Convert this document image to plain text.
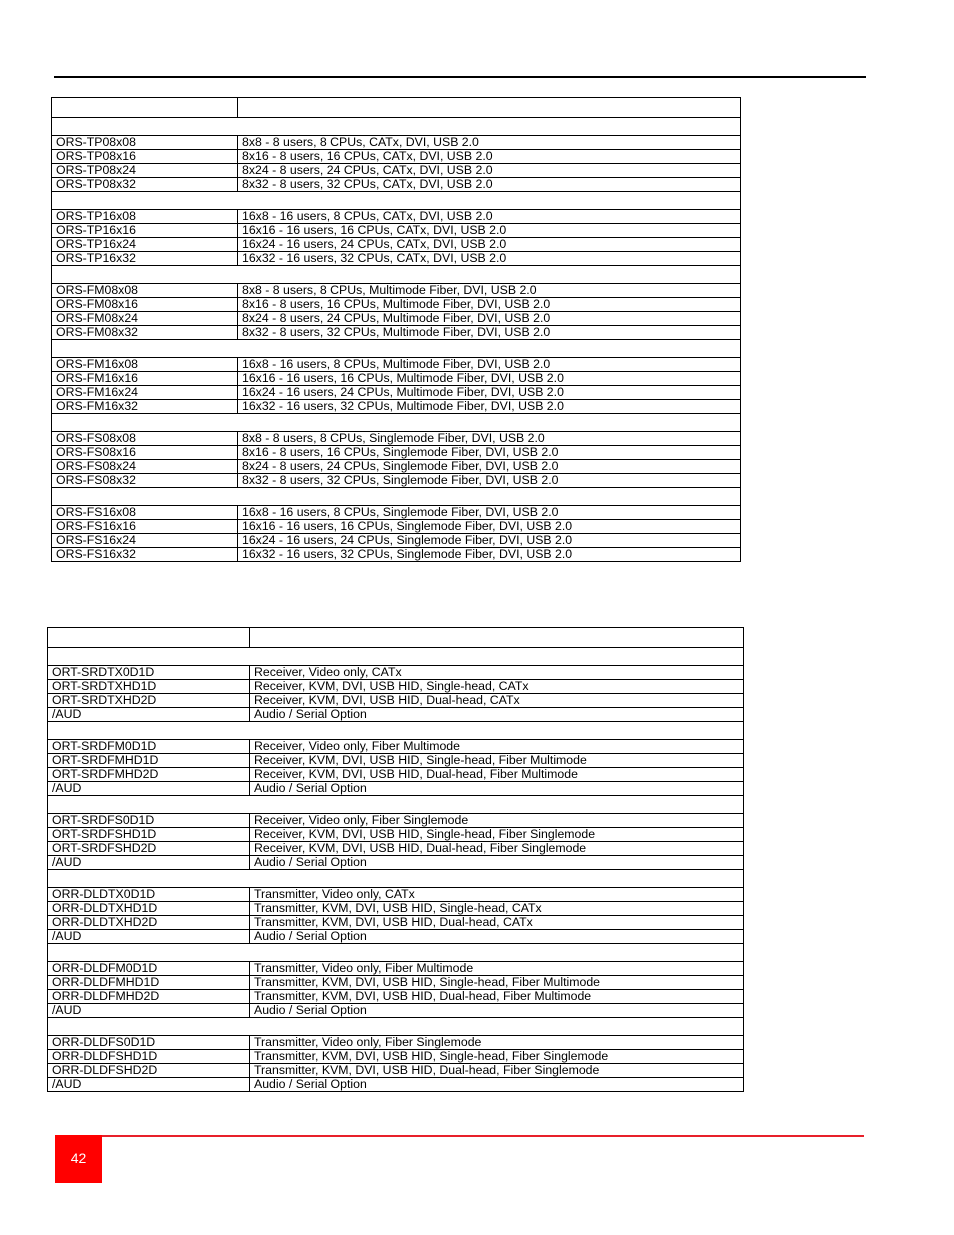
ORS-TP08x08	8x8 - 8 users, 8 CPUs, CATx, DVI, USB 2.0
ORS-TP08x16	8x16 - 8 users, 16 CPUs, CATx, DVI, USB 2.0
ORS-TP08x24	8x24 - 8 users, 24 CPUs, CATx, DVI, USB 2.0
ORS-TP08x32	8x32 - 8 users, 32 CPUs, CATx, DVI, USB 2.0

ORS-TP16x08	16x8 - 16 users, 8 CPUs, CATx, DVI, USB 2.0
ORS-TP16x16	16x16 - 16 users, 16 CPUs, CATx, DVI, USB 2.0
ORS-TP16x24	16x24 - 16 users, 24 CPUs, CATx, DVI, USB 2.0
ORS-TP16x32	16x32 - 16 users, 32 CPUs, CATx, DVI, USB 2.0

ORS-FM08x08	8x8 - 8 users, 8 CPUs, Multimode Fiber, DVI, USB 2.0
ORS-FM08x16	8x16 - 8 users, 16 CPUs, Multimode Fiber, DVI, USB 2.0
ORS-FM08x24	8x24 - 8 users, 24 CPUs, Multimode Fiber, DVI, USB 2.0
ORS-FM08x32	8x32 - 8 users, 32 CPUs, Multimode Fiber, DVI, USB 2.0

ORS-FM16x08	16x8 - 16 users, 8 CPUs, Multimode Fiber, DVI, USB 2.0
ORS-FM16x16	16x16 - 16 users, 16 CPUs, Multimode Fiber, DVI, USB 2.0
ORS-FM16x24	16x24 - 16 users, 24 CPUs, Multimode Fiber, DVI, USB 2.0
ORS-FM16x32	16x32 - 16 users, 32 CPUs, Multimode Fiber, DVI, USB 2.0

ORS-FS08x08	8x8 - 8 users, 8 CPUs, Singlemode Fiber, DVI, USB 2.0
ORS-FS08x16	8x16 - 8 users, 16 CPUs, Singlemode Fiber, DVI, USB 2.0
ORS-FS08x24	8x24 - 8 users, 24 CPUs, Singlemode Fiber, DVI, USB 2.0
ORS-FS08x32	8x32 - 8 users, 32 CPUs, Singlemode Fiber, DVI, USB 2.0

ORS-FS16x08	16x8 - 16 users, 8 CPUs, Singlemode Fiber, DVI, USB 2.0
ORS-FS16x16	16x16 - 16 users, 16 CPUs, Singlemode Fiber, DVI, USB 2.0
ORS-FS16x24	16x24 - 16 users, 24 CPUs, Singlemode Fiber, DVI, USB 2.0
ORS-FS16x32	16x32 - 16 users, 32 CPUs, Singlemode Fiber, DVI, USB 2.0

ORT-SRDTX0D1D	Receiver, Video only, CATx
ORT-SRDTXHD1D	Receiver, KVM, DVI, USB HID, Single-head, CATx
ORT-SRDTXHD2D	Receiver, KVM, DVI, USB HID, Dual-head, CATx
/AUD	Audio / Serial Option

ORT-SRDFM0D1D	Receiver, Video only, Fiber Multimode
ORT-SRDFMHD1D	Receiver, KVM, DVI, USB HID, Single-head, Fiber Multimode
ORT-SRDFMHD2D	Receiver, KVM, DVI, USB HID, Dual-head, Fiber Multimode
/AUD	Audio / Serial Option

ORT-SRDFS0D1D	Receiver, Video only, Fiber Singlemode
ORT-SRDFSHD1D	Receiver, KVM, DVI, USB HID, Single-head, Fiber Singlemode
ORT-SRDFSHD2D	Receiver, KVM, DVI, USB HID, Dual-head, Fiber Singlemode
/AUD	Audio / Serial Option

ORR-DLDTX0D1D	Transmitter, Video only, CATx
ORR-DLDTXHD1D	Transmitter, KVM, DVI, USB HID, Single-head, CATx
ORR-DLDTXHD2D	Transmitter, KVM, DVI, USB HID, Dual-head, CATx
/AUD	Audio / Serial Option

ORR-DLDFM0D1D	Transmitter, Video only, Fiber Multimode
ORR-DLDFMHD1D	Transmitter, KVM, DVI, USB HID, Single-head, Fiber Multimode
ORR-DLDFMHD2D	Transmitter, KVM, DVI, USB HID, Dual-head, Fiber Multimode
/AUD	Audio / Serial Option

ORR-DLDFS0D1D	Transmitter, Video only, Fiber Singlemode
ORR-DLDFSHD1D	Transmitter, KVM, DVI, USB HID, Single-head, Fiber Singlemode
ORR-DLDFSHD2D	Transmitter, KVM, DVI, USB HID, Dual-head, Fiber Singlemode
/AUD	Audio / Serial Option
42
